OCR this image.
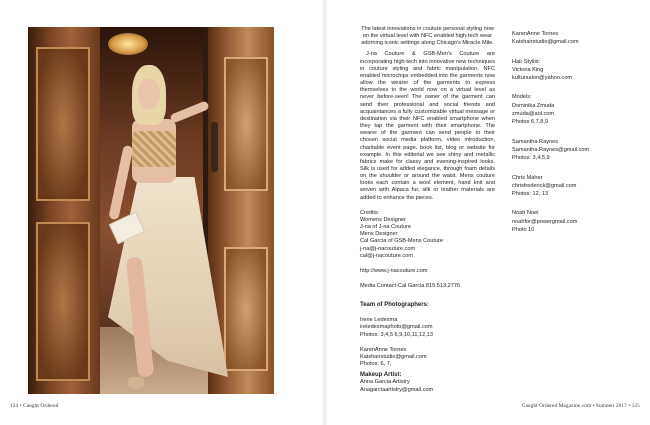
The latest innovations in couture personal styling now on the virtual level with NFC enabled high-tech wear adorning iconic settings along Chicago's Miracle Mile.

J-na Couture & GSB-Men's Couture are incorporating high-tech into innovative new techniques in couture styling and fabric manipulation. NFC enabled microchips embedded into the garments now allow the wearer of the garments to express themselves to the world now on a virtual level as never before-seen! The owner of the garment can send their professional and social friends and acquaintances a fully customizable virtual message or destination via their NFC enabled smartphone when they tap the garment with their smartphone. The wearer of the garment can send people to their chosen social media platform, video introduction, charitable event page, book list, blog or website for example. In this editorial we see shiny and metallic fabrics make for classy and evening-inspired looks. Silk is used for added elegance, through foam details on the shoulder or around the waist. Mens couture looks each contain a wool element, hand knit and woven with Alpaca fur, silk or leather materials are added to enhance the pieces.

Credits:

Womens Designer

J-na of J-na Couture

Mens Designer

Cal Garcia of GSB-Mens Couture

j-na@j-nacouture.com

cal@j-nacouture.com

http://www.j-nacouture.com

Media Contact-Cal Garcia 815.513.2776

Team of Photographers:

Irene Ledesma

ireledesmaphoto@gmail.com

Photos: 3,4,5 6,9,10,11,12,13

KarenAnne Tornes

Katshairstudio@gmail.com

Photos: 6, 7,

Makeup Artist:

Anna Garcia Artistry

Anagarciaartistry@gmail.com

KarenAnne Tornes

Katshairstudio@gmail.com

Hair Stylist:

Victoria King

kultursalon@yahoo.com

Models:

Dominika Zmuda

zmuda@aol.com

Photos 6,7,8,9

Samantha Raynes

Samantha.Raynes@gmail.com

Photos: 3,4,5,9

Chris Maher

chrisfrederick@gmail.com

Photos: 12, 13

Noah Noel

noahfor@powergmail.com

Photo 10

124 • Caught Ordered	Caught Ordered Magazine.com • Summer 2017 • 125
